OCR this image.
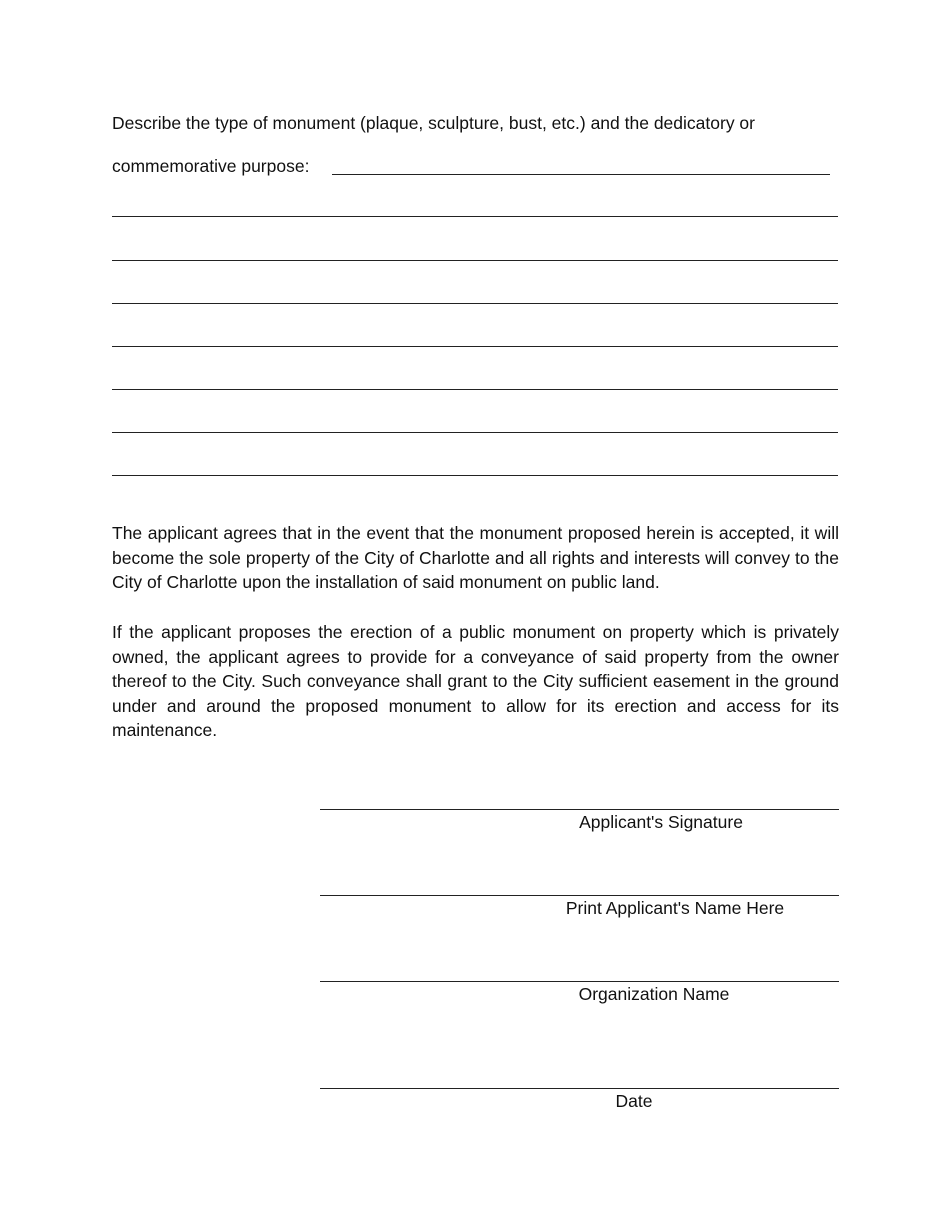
Describe the type of monument (plaque, sculpture, bust, etc.) and the dedicatory or
commemorative purpose:
The applicant agrees that in the event that the monument proposed herein is accepted, it will become the sole property of the City of Charlotte and all rights and interests will convey to the City of Charlotte upon the installation of said monument on public land.
If the applicant proposes the erection of a public monument on property which is privately owned, the applicant agrees to provide for a conveyance of said property from the owner thereof to the City. Such conveyance shall grant to the City sufficient easement in the ground under and around the proposed monument to allow for its erection and access for its maintenance.
Applicant's Signature
Print Applicant's Name Here
Organization Name
Date
